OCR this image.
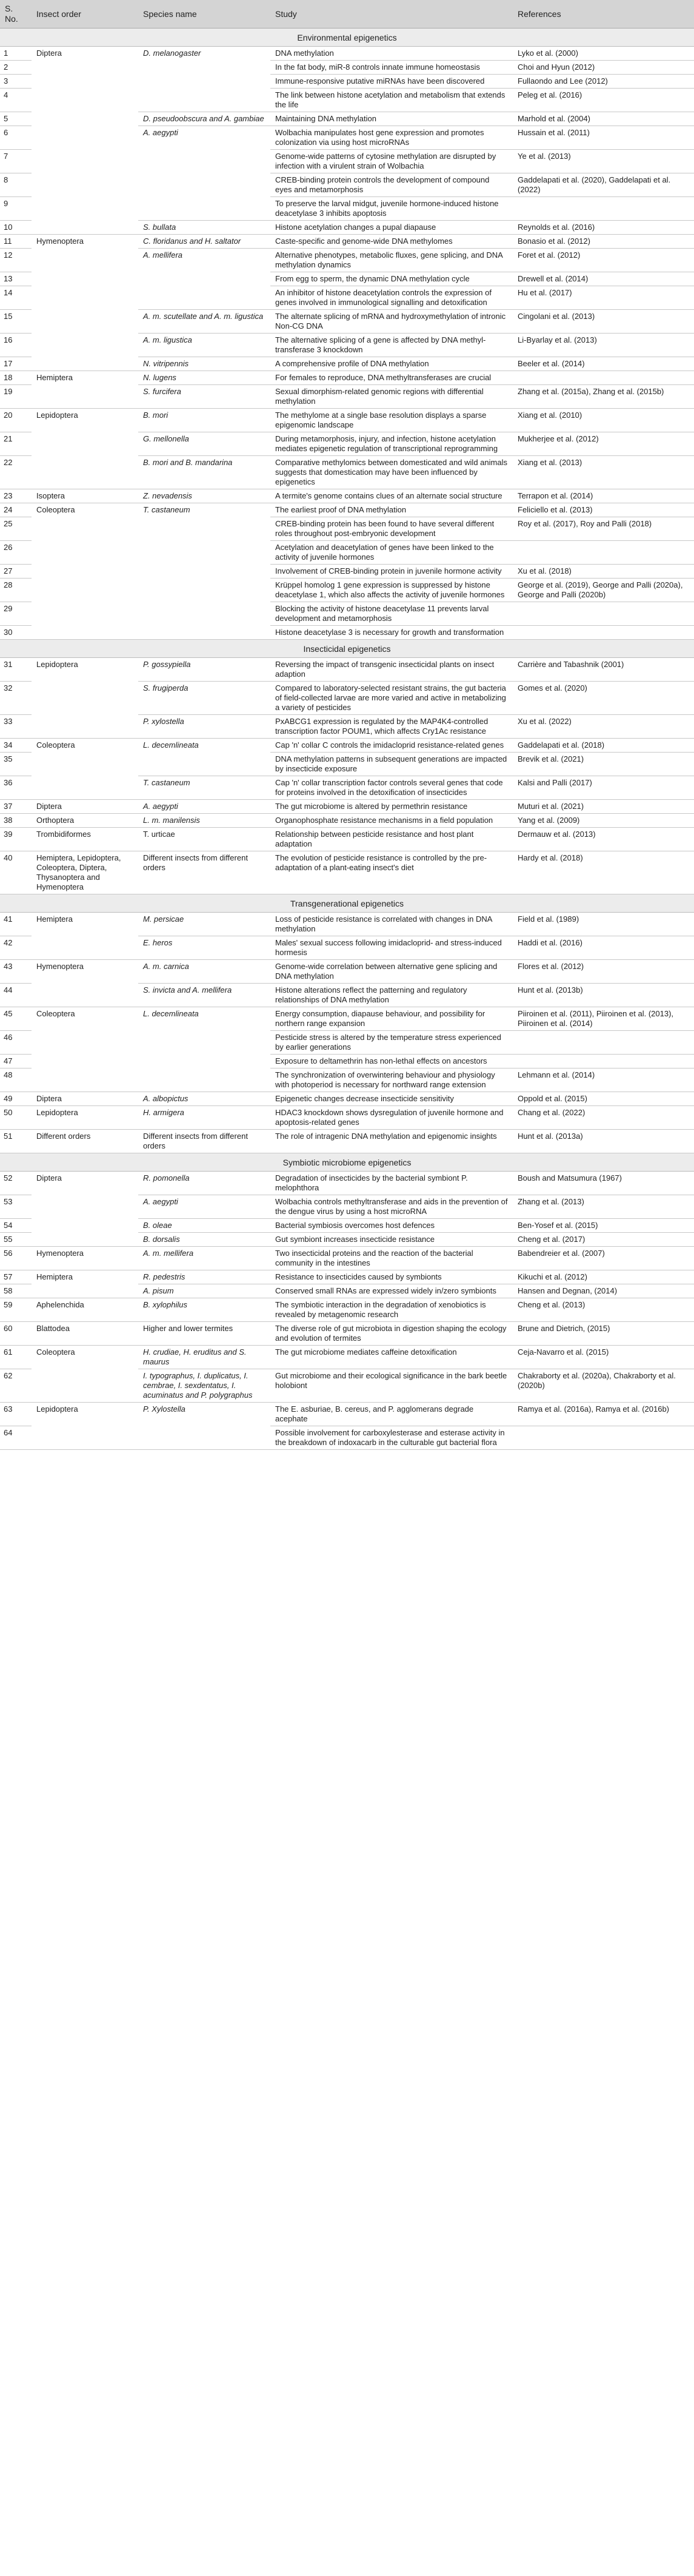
S. No.	Insect order	Species name	Study	References
Environmental epigenetics				
1	Diptera	D. melanogaster	DNA methylation	Lyko et al. (2000)
2			In the fat body, miR-8 controls innate immune homeostasis	Choi and Hyun (2012)
3			Immune-responsive putative miRNAs have been discovered	Fullaondo and Lee (2012)
4			The link between histone acetylation and metabolism that extends the life	Peleg et al. (2016)
5		D. pseudoobscura and A. gambiae	Maintaining DNA methylation	Marhold et al. (2004)
6		A. aegypti	Wolbachia manipulates host gene expression and promotes colonization via using host microRNAs	Hussain et al. (2011)
7			Genome-wide patterns of cytosine methylation are disrupted by infection with a virulent strain of Wolbachia	Ye et al. (2013)
8			CREB-binding protein controls the development of compound eyes and metamorphosis	Gaddelapati et al. (2020), Gaddelapati et al. (2022)
9			To preserve the larval midgut, juvenile hormone-induced histone deacetylase 3 inhibits apoptosis	
10		S. bullata	Histone acetylation changes a pupal diapause	Reynolds et al. (2016)
11	Hymenoptera	C. floridanus and H. saltator	Caste-specific and genome-wide DNA methylomes	Bonasio et al. (2012)
12		A. mellifera	Alternative phenotypes, metabolic fluxes, gene splicing, and DNA methylation dynamics	Foret et al. (2012)
13			From egg to sperm, the dynamic DNA methylation cycle	Drewell et al. (2014)
14			An inhibitor of histone deacetylation controls the expression of genes involved in immunological signalling and detoxification	Hu et al. (2017)
15		A. m. scutellate and A. m. ligustica	The alternate splicing of mRNA and hydroxymethylation of intronic Non-CG DNA	Cingolani et al. (2013)
16		A. m. ligustica	The alternative splicing of a gene is affected by DNA methyl-transferase 3 knockdown	Li-Byarlay et al. (2013)
17		N. vitripennis	A comprehensive profile of DNA methylation	Beeler et al. (2014)
18	Hemiptera	N. lugens	For females to reproduce, DNA methyltransferases are crucial	
19		S. furcifera	Sexual dimorphism-related genomic regions with differential methylation	Zhang et al. (2015a), Zhang et al. (2015b)
20	Lepidoptera	B. mori	The methylome at a single base resolution displays a sparse epigenomic landscape	Xiang et al. (2010)
21		G. mellonella	During metamorphosis, injury, and infection, histone acetylation mediates epigenetic regulation of transcriptional reprogramming	Mukherjee et al. (2012)
22		B. mori and B. mandarina	Comparative methylomics between domesticated and wild animals suggests that domestication may have been influenced by epigenetics	Xiang et al. (2013)
23	Isoptera	Z. nevadensis	A termite's genome contains clues of an alternate social structure	Terrapon et al. (2014)
24	Coleoptera	T. castaneum	The earliest proof of DNA methylation	Feliciello et al. (2013)
25			CREB-binding protein has been found to have several different roles throughout post-embryonic development	Roy et al. (2017), Roy and Palli (2018)
26			Acetylation and deacetylation of genes have been linked to the activity of juvenile hormones	
27			Involvement of CREB-binding protein in juvenile hormone activity	Xu et al. (2018)
28			Krüppel homolog 1 gene expression is suppressed by histone deacetylase 1, which also affects the activity of juvenile hormones	George et al. (2019), George and Palli (2020a), George and Palli (2020b)
29			Blocking the activity of histone deacetylase 11 prevents larval development and metamorphosis	
30			Histone deacetylase 3 is necessary for growth and transformation	
Insecticidal epigenetics				
31	Lepidoptera	P. gossypiella	Reversing the impact of transgenic insecticidal plants on insect adaption	Carrière and Tabashnik (2001)
32		S. frugiperda	Compared to laboratory-selected resistant strains, the gut bacteria of field-collected larvae are more varied and active in metabolizing a variety of pesticides	Gomes et al. (2020)
33		P. xylostella	PxABCG1 expression is regulated by the MAP4K4-controlled transcription factor POUM1, which affects Cry1Ac resistance	Xu et al. (2022)
34	Coleoptera	L. decemlineata	Cap 'n' collar C controls the imidacloprid resistance-related genes	Gaddelapati et al. (2018)
35			DNA methylation patterns in subsequent generations are impacted by insecticide exposure	Brevik et al. (2021)
36		T. castaneum	Cap 'n' collar transcription factor controls several genes that code for proteins involved in the detoxification of insecticides	Kalsi and Palli (2017)
37	Diptera	A. aegypti	The gut microbiome is altered by permethrin resistance	Muturi et al. (2021)
38	Orthoptera	L. m. manilensis	Organophosphate resistance mechanisms in a field population	Yang et al. (2009)
39	Trombidiformes	T. urticae	Relationship between pesticide resistance and host plant adaptation	Dermauw et al. (2013)
40	Hemiptera, Lepidoptera, Coleoptera, Diptera, Thysanoptera and Hymenoptera	Different insects from different orders	The evolution of pesticide resistance is controlled by the pre-adaptation of a plant-eating insect's diet	Hardy et al. (2018)
Transgenerational epigenetics				
41	Hemiptera	M. persicae	Loss of pesticide resistance is correlated with changes in DNA methylation	Field et al. (1989)
42		E. heros	Males' sexual success following imidacloprid- and stress-induced hormesis	Haddi et al. (2016)
43	Hymenoptera	A. m. carnica	Genome-wide correlation between alternative gene splicing and DNA methylation	Flores et al. (2012)
44		S. invicta and A. mellifera	Histone alterations reflect the patterning and regulatory relationships of DNA methylation	Hunt et al. (2013b)
45	Coleoptera	L. decemlineata	Energy consumption, diapause behaviour, and possibility for northern range expansion	Piiroinen et al. (2011), Piiroinen et al. (2013), Piiroinen et al. (2014)
46			Pesticide stress is altered by the temperature stress experienced by earlier generations	
47			Exposure to deltamethrin has non-lethal effects on ancestors	
48			The synchronization of overwintering behaviour and physiology with photoperiod is necessary for northward range extension	Lehmann et al. (2014)
49	Diptera	A. albopictus	Epigenetic changes decrease insecticide sensitivity	Oppold et al. (2015)
50	Lepidoptera	H. armigera	HDAC3 knockdown shows dysregulation of juvenile hormone and apoptosis-related genes	Chang et al. (2022)
51	Different orders	Different insects from different orders	The role of intragenic DNA methylation and epigenomic insights	Hunt et al. (2013a)
Symbiotic microbiome epigenetics				
52	Diptera	R. pomonella	Degradation of insecticides by the bacterial symbiont P. melophthora	Boush and Matsumura (1967)
53		A. aegypti	Wolbachia controls methyltransferase and aids in the prevention of the dengue virus by using a host microRNA	Zhang et al. (2013)
54		B. oleae	Bacterial symbiosis overcomes host defences	Ben-Yosef et al. (2015)
55		B. dorsalis	Gut symbiont increases insecticide resistance	Cheng et al. (2017)
56	Hymenoptera	A. m. mellifera	Two insecticidal proteins and the reaction of the bacterial community in the intestines	Babendreier et al. (2007)
57	Hemiptera	R. pedestris	Resistance to insecticides caused by symbionts	Kikuchi et al. (2012)
58		A. pisum	Conserved small RNAs are expressed widely in/zero symbionts	Hansen and Degnan, (2014)
59	Aphelenchida	B. xylophilus	The symbiotic interaction in the degradation of xenobiotics is revealed by metagenomic research	Cheng et al. (2013)
60	Blattodea	Higher and lower termites	The diverse role of gut microbiota in digestion shaping the ecology and evolution of termites	Brune and Dietrich, (2015)
61	Coleoptera	H. crudiae, H. eruditus and S. maurus	The gut microbiome mediates caffeine detoxification	Ceja-Navarro et al. (2015)
62		I. typographus, I. duplicatus, I. cembrae, I. sexdentatus, I. acuminatus and P. polygraphus	Gut microbiome and their ecological significance in the bark beetle holobiont	Chakraborty et al. (2020a), Chakraborty et al. (2020b)
63	Lepidoptera	P. Xylostella	The E. asburiae, B. cereus, and P. agglomerans degrade acephate	Ramya et al. (2016a), Ramya et al. (2016b)
64			Possible involvement for carboxylesterase and esterase activity in the breakdown of indoxacarb in the culturable gut bacterial flora	
